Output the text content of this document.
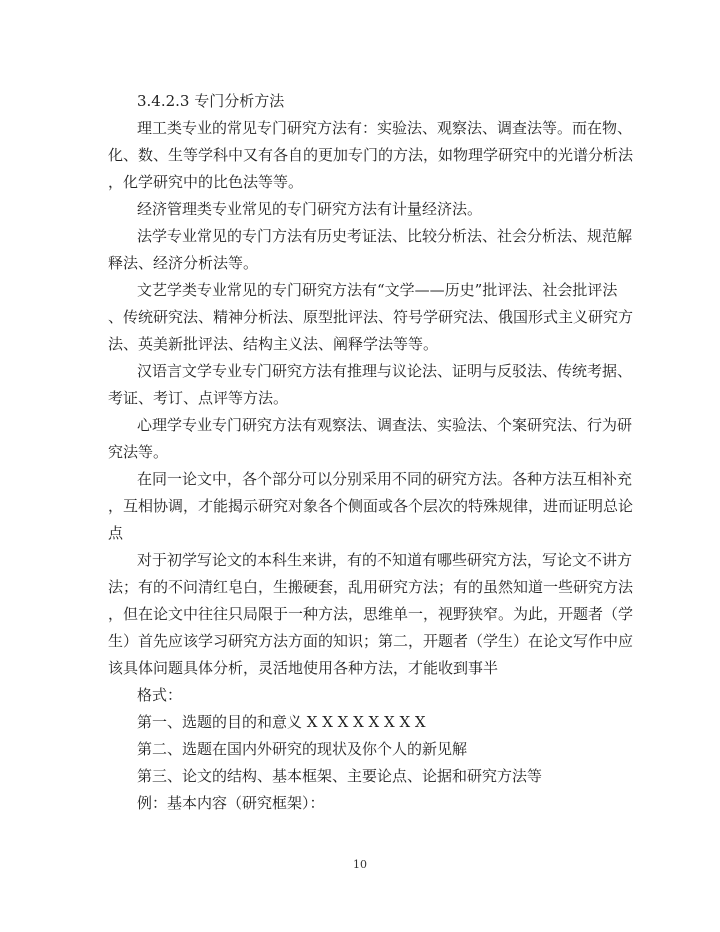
3.4.2.3 专门分析方法
理工类专业的常见专门研究方法有：实验法、观察法、调查法等。而在物、
化、数、生等学科中又有各自的更加专门的方法，如物理学研究中的光谱分析法
，化学研究中的比色法等等。
经济管理类专业常见的专门研究方法有计量经济法。
法学专业常见的专门方法有历史考证法、比较分析法、社会分析法、规范解
释法、经济分析法等。
文艺学类专业常见的专门研究方法有“文学——历史”批评法、社会批评法
、传统研究法、精神分析法、原型批评法、符号学研究法、俄国形式主义研究方
法、英美新批评法、结构主义法、阐释学法等等。
汉语言文学专业专门研究方法有推理与议论法、证明与反驳法、传统考据、
考证、考订、点评等方法。
心理学专业专门研究方法有观察法、调查法、实验法、个案研究法、行为研
究法等。
在同一论文中，各个部分可以分别采用不同的研究方法。各种方法互相补充
，互相协调，才能揭示研究对象各个侧面或各个层次的特殊规律，进而证明总论
点
对于初学写论文的本科生来讲，有的不知道有哪些研究方法，写论文不讲方
法；有的不问清红皂白，生搬硬套，乱用研究方法；有的虽然知道一些研究方法
，但在论文中往往只局限于一种方法，思维单一，视野狭窄。为此，开题者（学
生）首先应该学习研究方法方面的知识；第二，开题者（学生）在论文写作中应
该具体问题具体分析，灵活地使用各种方法，才能收到事半
格式：
第一、选题的目的和意义 X X X X X X X X
第二、选题在国内外研究的现状及你个人的新见解
第三、论文的结构、基本框架、主要论点、论据和研究方法等
例：基本内容（研究框架）：
10
